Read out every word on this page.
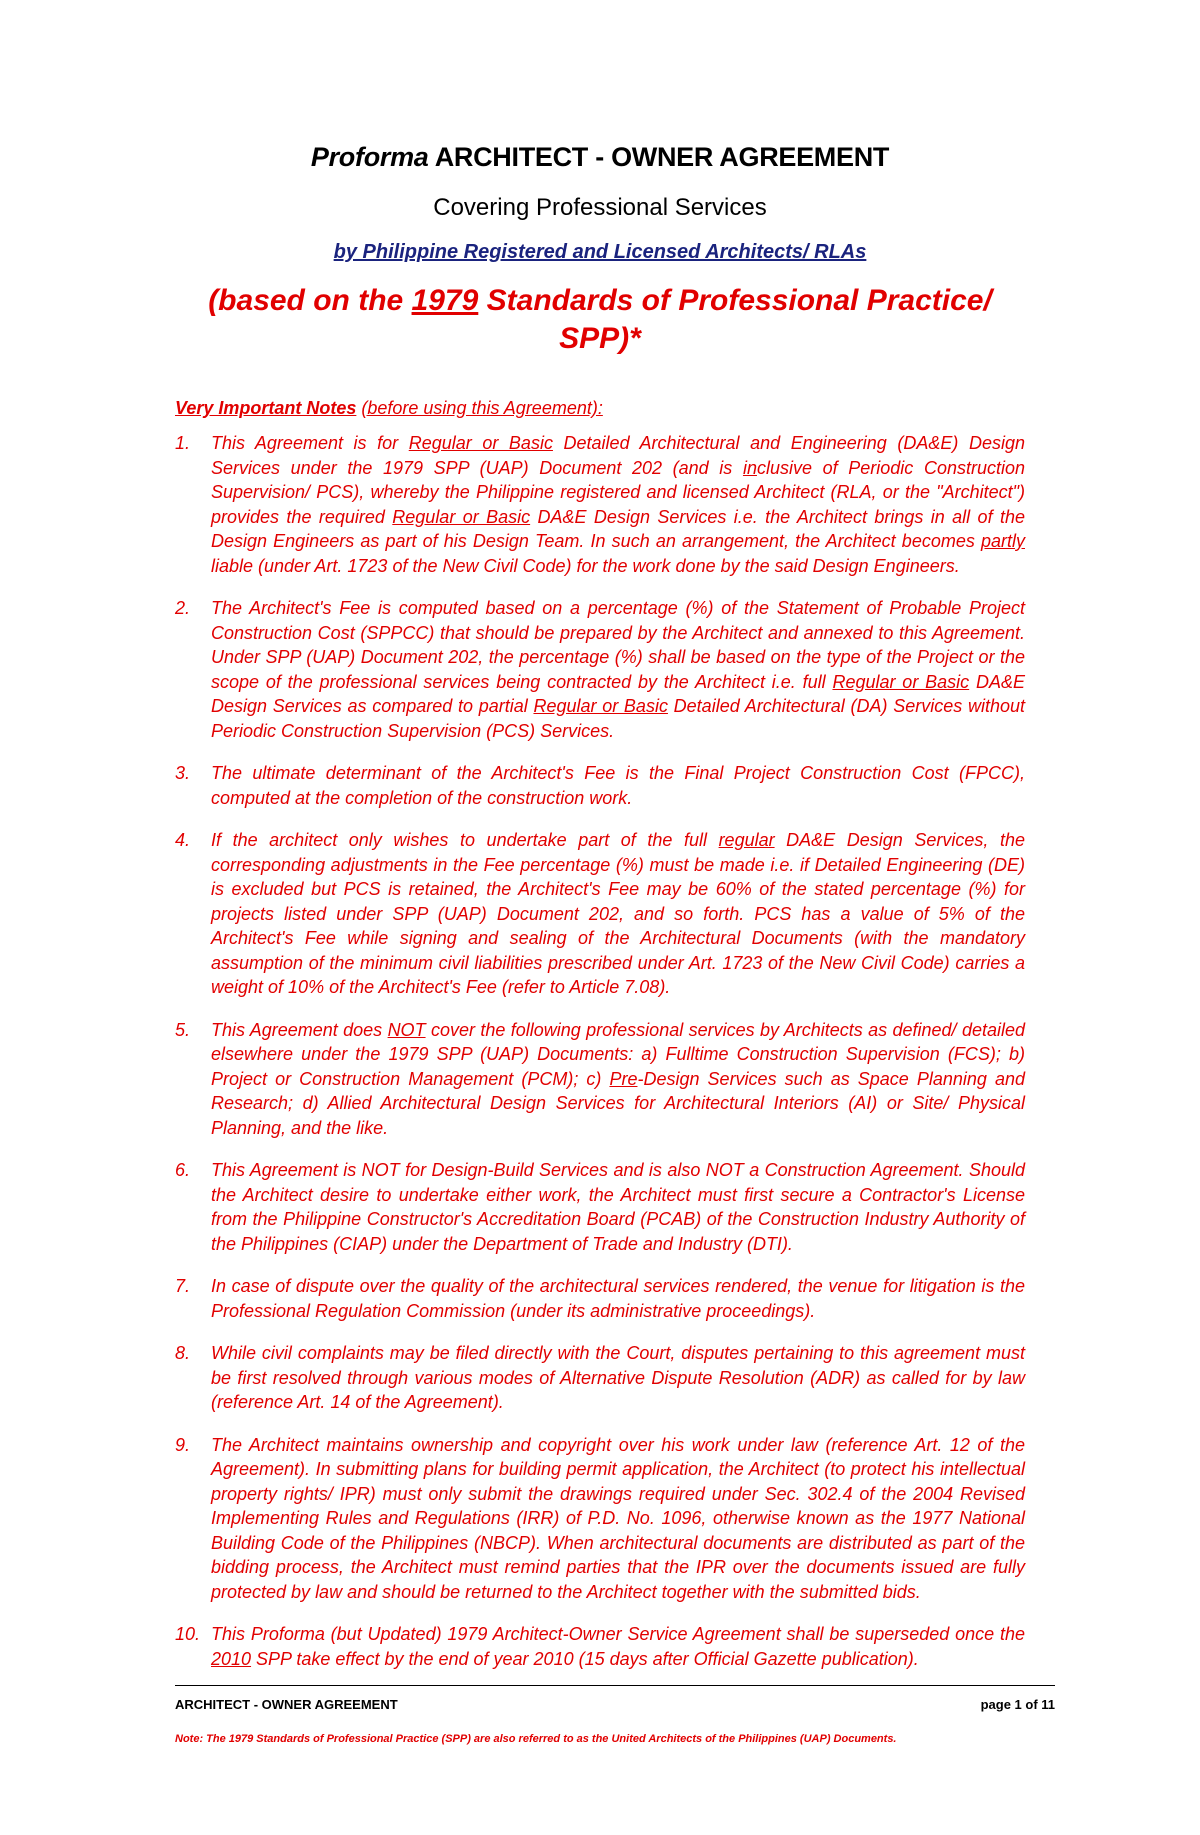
Proforma ARCHITECT - OWNER AGREEMENT
Covering Professional Services
by Philippine Registered and Licensed Architects/ RLAs
(based on the 1979 Standards of Professional Practice/
SPP)*
Very Important Notes (before using this Agreement):
1.	This Agreement is for Regular or Basic Detailed Architectural and Engineering (DA&E) Design Services under the 1979 SPP (UAP) Document 202 (and is inclusive of Periodic Construction Supervision/ PCS), whereby the Philippine registered and licensed Architect (RLA, or the "Architect") provides the required Regular or Basic DA&E Design Services i.e. the Architect brings in all of the Design Engineers as part of his Design Team. In such an arrangement, the Architect becomes partly liable (under Art. 1723 of the New Civil Code) for the work done by the said Design Engineers.
2.	The Architect's Fee is computed based on a percentage (%) of the Statement of Probable Project Construction Cost (SPPCC) that should be prepared by the Architect and annexed to this Agreement. Under SPP (UAP) Document 202, the percentage (%) shall be based on the type of the Project or the scope of the professional services being contracted by the Architect i.e. full Regular or Basic DA&E Design Services as compared to partial Regular or Basic Detailed Architectural (DA) Services without Periodic Construction Supervision (PCS) Services.
3.	The ultimate determinant of the Architect's Fee is the Final Project Construction Cost (FPCC), computed at the completion of the construction work.
4.	If the architect only wishes to undertake part of the full regular DA&E Design Services, the corresponding adjustments in the Fee percentage (%) must be made i.e. if Detailed Engineering (DE) is excluded but PCS is retained, the Architect's Fee may be 60% of the stated percentage (%) for projects listed under SPP (UAP) Document 202, and so forth. PCS has a value of 5% of the Architect's Fee while signing and sealing of the Architectural Documents (with the mandatory assumption of the minimum civil liabilities prescribed under Art. 1723 of the New Civil Code) carries a weight of 10% of the Architect's Fee (refer to Article 7.08).
5.	This Agreement does NOT cover the following professional services by Architects as defined/ detailed elsewhere under the 1979 SPP (UAP) Documents: a) Fulltime Construction Supervision (FCS); b) Project or Construction Management (PCM); c) Pre-Design Services such as Space Planning and Research; d) Allied Architectural Design Services for Architectural Interiors (AI) or Site/ Physical Planning, and the like.
6.	This Agreement is NOT for Design-Build Services and is also NOT a Construction Agreement. Should the Architect desire to undertake either work, the Architect must first secure a Contractor's License from the Philippine Constructor's Accreditation Board (PCAB) of the Construction Industry Authority of the Philippines (CIAP) under the Department of Trade and Industry (DTI).
7.	In case of dispute over the quality of the architectural services rendered, the venue for litigation is the Professional Regulation Commission (under its administrative proceedings).
8.	While civil complaints may be filed directly with the Court, disputes pertaining to this agreement must be first resolved through various modes of Alternative Dispute Resolution (ADR) as called for by law (reference Art. 14 of the Agreement).
9.	The Architect maintains ownership and copyright over his work under law (reference Art. 12 of the Agreement). In submitting plans for building permit application, the Architect (to protect his intellectual property rights/ IPR) must only submit the drawings required under Sec. 302.4 of the 2004 Revised Implementing Rules and Regulations (IRR) of P.D. No. 1096, otherwise known as the 1977 National Building Code of the Philippines (NBCP). When architectural documents are distributed as part of the bidding process, the Architect must remind parties that the IPR over the documents issued are fully protected by law and should be returned to the Architect together with the submitted bids.
10. This Proforma (but Updated) 1979 Architect-Owner Service Agreement shall be superseded once the 2010 SPP take effect by the end of year 2010 (15 days after Official Gazette publication).
ARCHITECT - OWNER AGREEMENT	page 1 of 11
Note: The 1979 Standards of Professional Practice (SPP) are also referred to as the United Architects of the Philippines (UAP) Documents.
